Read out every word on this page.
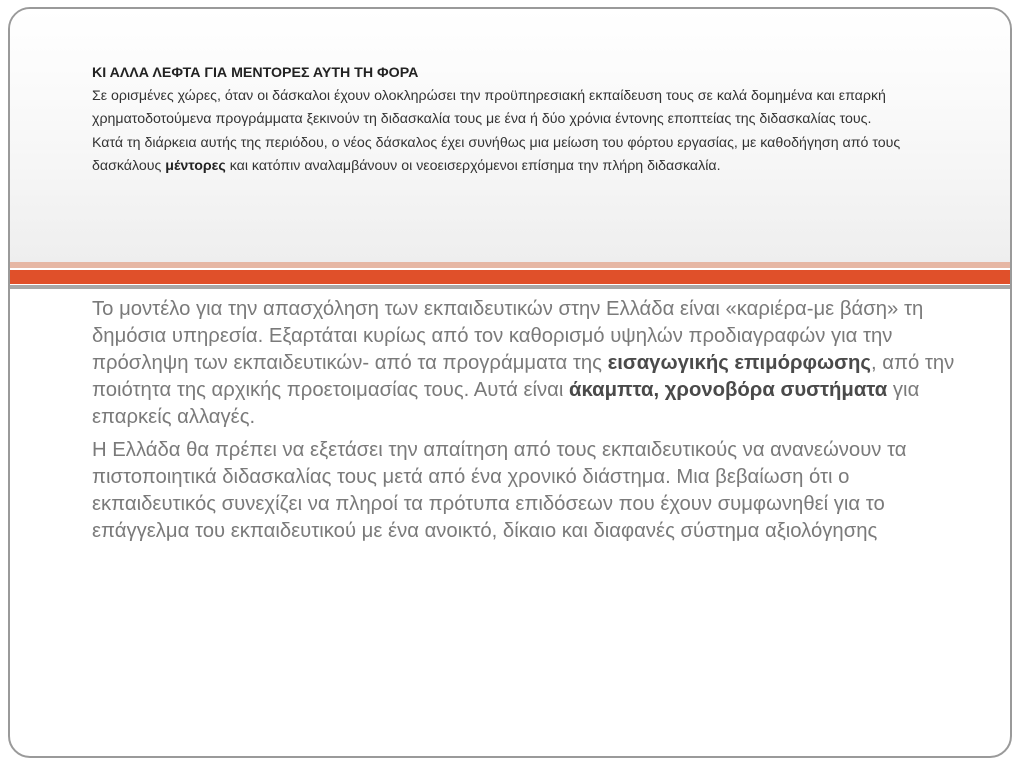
ΚΙ ΑΛΛΑ ΛΕΦΤΑ ΓΙΑ ΜΕΝΤΟΡΕΣ ΑΥΤΗ ΤΗ ΦΟΡΑ

Σε ορισμένες χώρες, όταν οι δάσκαλοι έχουν ολοκληρώσει την προϋπηρεσιακή εκπαίδευση τους σε καλά δομημένα και επαρκή χρηματοδοτούμενα προγράμματα ξεκινούν τη διδασκαλία τους με ένα ή δύο χρόνια έντονης εποπτείας της διδασκαλίας τους.

Κατά τη διάρκεια αυτής της περιόδου, ο νέος δάσκαλος έχει συνήθως μια μείωση του φόρτου εργασίας, με καθοδήγηση από τους δασκάλους μέντορες και κατόπιν αναλαμβάνουν οι νεοεισερχόμενοι επίσημα την πλήρη διδασκαλία.

Το μοντέλο για την απασχόληση των εκπαιδευτικών στην Ελλάδα είναι «καριέρα-με βάση» τη δημόσια υπηρεσία. Εξαρτάται κυρίως από τον καθορισμό υψηλών προδιαγραφών για την πρόσληψη των εκπαιδευτικών- από τα προγράμματα της εισαγωγικής επιμόρφωσης, από την ποιότητα της αρχικής προετοιμασίας τους. Αυτά είναι άκαμπτα, χρονοβόρα συστήματα για επαρκείς αλλαγές.

Η Ελλάδα θα πρέπει να εξετάσει την απαίτηση από τους εκπαιδευτικούς να ανανεώνουν τα πιστοποιητικά διδασκαλίας τους μετά από ένα χρονικό διάστημα. Μια βεβαίωση ότι ο εκπαιδευτικός συνεχίζει να πληροί τα πρότυπα επιδόσεων που έχουν συμφωνηθεί για το επάγγελμα του εκπαιδευτικού με ένα ανοικτό, δίκαιο και διαφανές σύστημα αξιολόγησης
